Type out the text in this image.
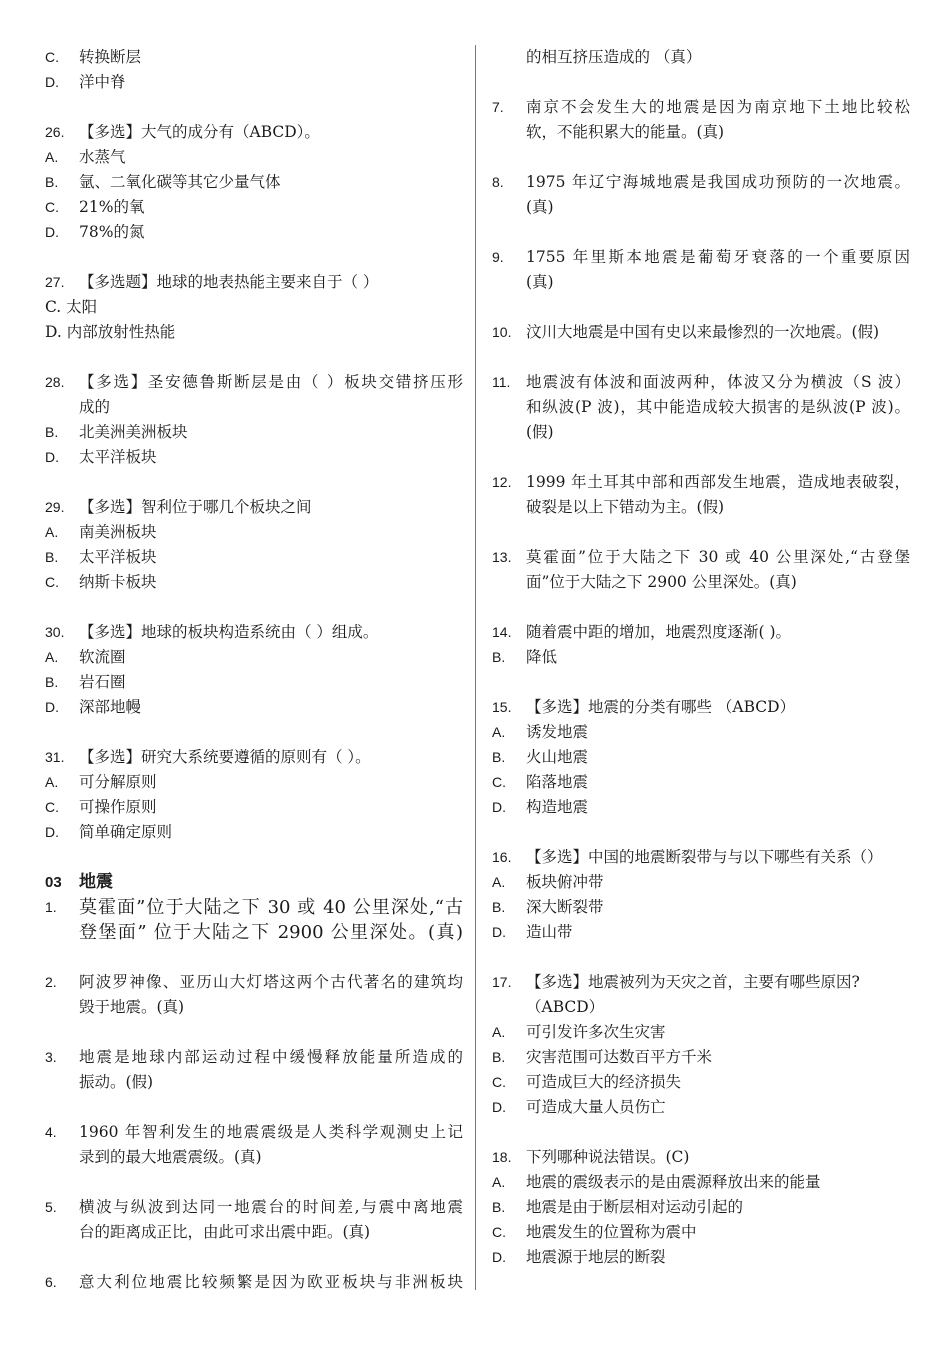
C. 转换断层
D. 洋中脊
26. 【多选】大气的成分有（ABCD）。
A. 水蒸气
B. 氩、二氧化碳等其它少量气体
C. 21%的氧
D. 78%的氮
27. 【多选题】地球的地表热能主要来自于（ ）
C. 太阳
D. 内部放射性热能
28. 【多选】圣安德鲁斯断层是由（ ）板块交错挤压形
成的
B. 北美洲美洲板块
D. 太平洋板块
29. 【多选】智利位于哪几个板块之间
A. 南美洲板块
B. 太平洋板块
C. 纳斯卡板块
30. 【多选】地球的板块构造系统由（ ）组成。
A. 软流圈
B. 岩石圈
D. 深部地幔
31. 【多选】研究大系统要遵循的原则有（ ）。
A. 可分解原则
C. 可操作原则
D. 简单确定原则
03 地震
1. 莫霍面”位于大陆之下 30 或 40 公里深处,“古
登堡面” 位于大陆之下 2900 公里深处。(真)
2. 阿波罗神像、亚历山大灯塔这两个古代著名的建筑均
毁于地震。(真)
3. 地震是地球内部运动过程中缓慢释放能量所造成的
振动。(假)
4. 1960 年智利发生的地震震级是人类科学观测史上记
录到的最大地震震级。(真)
5. 横波与纵波到达同一地震台的时间差,与震中离地震
台的距离成正比，由此可求出震中距。(真)
6. 意大利位地震比较频繁是因为欧亚板块与非洲板块
的相互挤压造成的 （真）
7. 南京不会发生大的地震是因为南京地下土地比较松
软，不能积累大的能量。(真)
8. 1975 年辽宁海城地震是我国成功预防的一次地震。
(真)
9. 1755 年里斯本地震是葡萄牙衰落的一个重要原因
(真)
10. 汶川大地震是中国有史以来最惨烈的一次地震。(假)
11. 地震波有体波和面波两种，体波又分为横波（S 波）
和纵波(P 波)，其中能造成较大损害的是纵波(P 波)。
(假)
12. 1999 年土耳其中部和西部发生地震，造成地表破裂，
破裂是以上下错动为主。(假)
13. 莫霍面”位于大陆之下 30 或 40 公里深处,“古登堡
面”位于大陆之下 2900 公里深处。(真)
14. 随着震中距的增加，地震烈度逐渐( )。
B. 降低
15. 【多选】地震的分类有哪些 （ABCD）
A. 诱发地震
B. 火山地震
C. 陷落地震
D. 构造地震
16. 【多选】中国的地震断裂带与与以下哪些有关系（）
A. 板块俯冲带
B. 深大断裂带
D. 造山带
17. 【多选】地震被列为天灾之首，主要有哪些原因?
（ABCD）
A. 可引发许多次生灾害
B. 灾害范围可达数百平方千米
C. 可造成巨大的经济损失
D. 可造成大量人员伤亡
18. 下列哪种说法错误。(C)
A. 地震的震级表示的是由震源释放出来的能量
B. 地震是由于断层相对运动引起的
C. 地震发生的位置称为震中
D. 地震源于地层的断裂
